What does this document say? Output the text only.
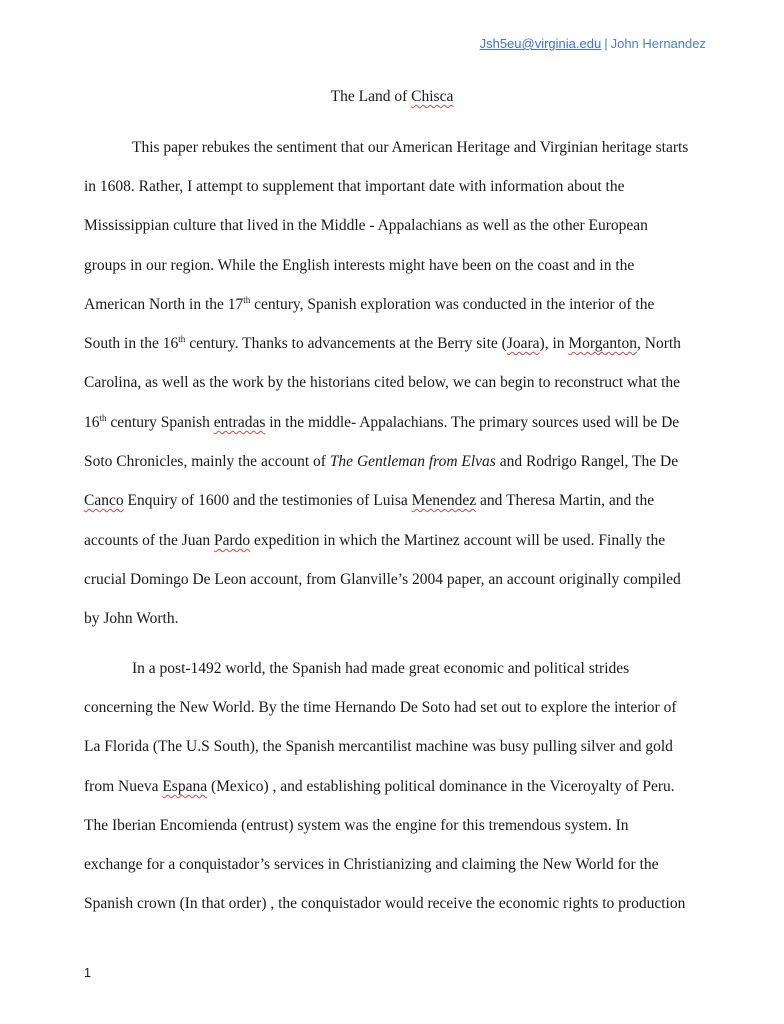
Jsh5eu@virginia.edu | John Hernandez
The Land of Chisca
This paper rebukes the sentiment that our American Heritage and Virginian heritage starts
in 1608. Rather, I attempt to supplement that important date with information about the
Mississippian culture that lived in the Middle - Appalachians as well as the other European
groups in our region. While the English interests might have been on the coast and in the
American North in the 17th century, Spanish exploration was conducted in the interior of the
South in the 16th century. Thanks to advancements at the Berry site (Joara), in Morganton, North
Carolina, as well as the work by the historians cited below, we can begin to reconstruct what the
16th century Spanish entradas in the middle- Appalachians. The primary sources used will be De
Soto Chronicles, mainly the account of The Gentleman from Elvas and Rodrigo Rangel, The De
Canco Enquiry of 1600 and the testimonies of Luisa Menendez and Theresa Martin, and the
accounts of the Juan Pardo expedition in which the Martinez account will be used. Finally the
crucial Domingo De Leon account, from Glanville’s 2004 paper, an account originally compiled
by John Worth.
In a post-1492 world, the Spanish had made great economic and political strides
concerning the New World. By the time Hernando De Soto had set out to explore the interior of
La Florida (The U.S South), the Spanish mercantilist machine was busy pulling silver and gold
from Nueva Espana (Mexico) , and establishing political dominance in the Viceroyalty of Peru.
The Iberian Encomienda (entrust) system was the engine for this tremendous system. In
exchange for a conquistador’s services in Christianizing and claiming the New World for the
Spanish crown (In that order) , the conquistador would receive the economic rights to production
1
